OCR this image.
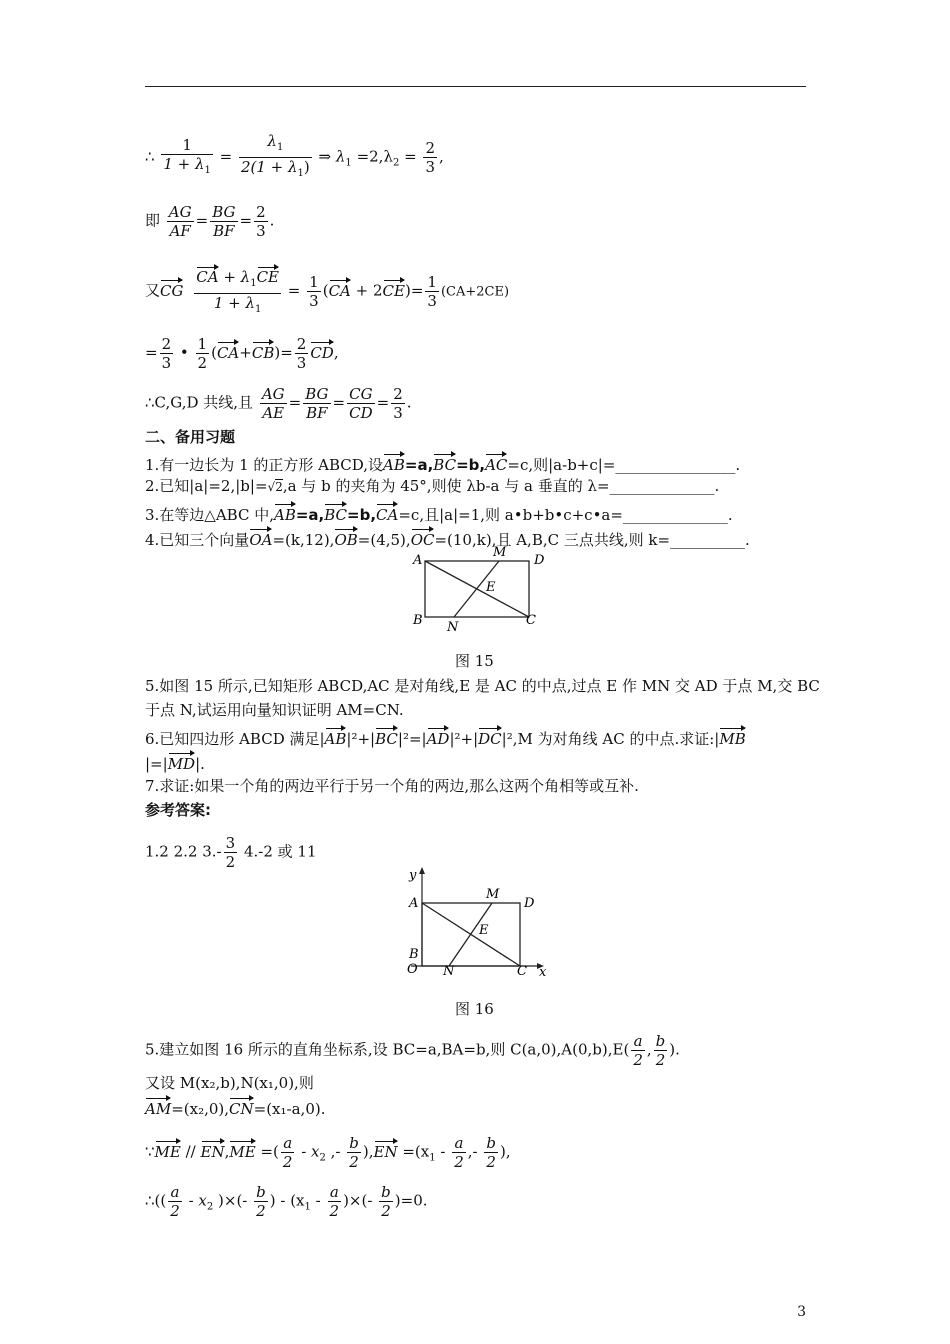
∴ $\frac{1}{1 + \lambda_1} = \frac{\lambda_1}{2(1 + \lambda_1)}$ ⇒ $\lambda_1 =2,\lambda_2 = \frac{2}{3}$ ,
即 $\frac{AG}{AF} = \frac{BG}{BF} = \frac{2}{3}$ .
又CG $\frac{CA + \lambda_1CE}{1 + \lambda_1} = \frac{1}{3} (CA + 2CE)= \frac{1}{3} (CA+2CE)$
= $\frac{2}{3}$ • $\frac{1}{2} (CA+CB)= \frac{2}{3}$ CD,
∴C,G,D 共线,且 $\frac{AG}{AE} = \frac{BG}{BF} = \frac{CG}{CD} = \frac{2}{3}$ .
二、备用习题
1.有一边长为 1 的正方形 ABCD,设AB=a,BC=b,AC=c,则|a-b+c|=________________.
2.已知|a|=2,|b|=√2,a 与 b 的夹角为 45°,则使 λb-a 与 a 垂直的 λ=______________.
3.在等边△ABC 中,AB=a,BC=b,CA=c,且|a|=1,则 a•b+b•c+c•a=______________.
4.已知三个向量OA=(k,12),OB=(4,5),OC=(10,k),且 A,B,C 三点共线,则 k=__________.
A	D
M
E
B N	C
图 15
5.如图 15 所示,已知矩形 ABCD,AC 是对角线,E 是 AC 的中点,过点 E 作 MN 交 AD 于点 M,交 BC
于点 N,试运用向量知识证明 AM=CN.
6.已知四边形 ABCD 满足|AB|²+|BC|²=|AD|²+|DC|²,M 为对角线 AC 的中点.求证:|MB
|=|MD|.
7.求证:如果一个角的两边平行于另一个角的两边,那么这两个角相等或互补.
参考答案:
1.2 2.2 $3.- \frac{3}{2} 4.-2$ 或 11
y
x
A	D
M
E
B
O N	C
图 16
5.建立如图 16 所示的直角坐标系,设 BC=a,BA=b,则 $C(a,0),A(0,b),E( \frac{a}{2}$ , $\frac{b}{2}$ ).
又设 M(x₂,b),N(x₁,0),则
AM=(x₂,0),CN=(x₁-a,0).
∵ME // EN,ME =( $\frac{a}{2} - x_2$ ,- $\frac{b}{2} ),EN =(x_1 - \frac{a}{2}$ ,- $\frac{b}{2}$ ),
∴(( $\frac{a}{2} - x_2$ )×(- $\frac{b}{2}$ ) - ($x_1 - \frac{a}{2}$ )×(- $\frac{b}{2} )=0$.
3
